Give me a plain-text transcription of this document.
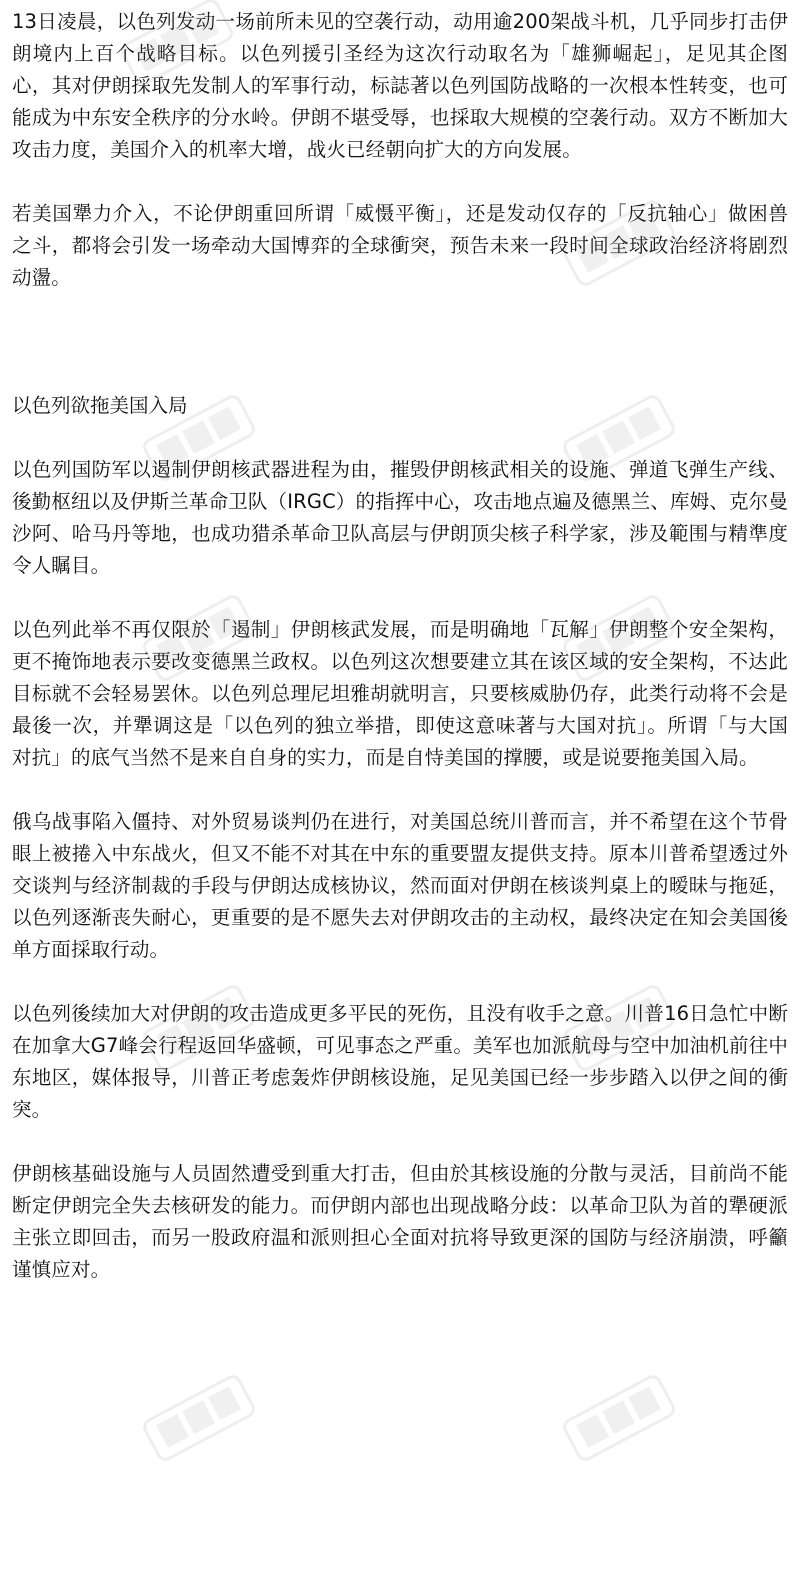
13日凌晨，以色列发动一场前所未见的空袭行动，动用逾200架战斗机，几乎同步打击伊朗境内上百个战略目标。以色列援引圣经为这次行动取名为「雄狮崛起」，足见其企图心，其对伊朗採取先发制人的军事行动，标誌著以色列国防战略的一次根本性转变，也可能成为中东安全秩序的分水岭。伊朗不堪受辱，也採取大规模的空袭行动。双方不断加大攻击力度，美国介入的机率大增，战火已经朝向扩大的方向发展。

若美国犟力介入，不论伊朗重回所谓「威慑平衡」，还是发动仅存的「反抗轴心」做困兽之斗，都将会引发一场牵动大国博弈的全球衝突，预告未来一段时间全球政治经济将剧烈动盪。

以色列欲拖美国入局

以色列国防军以遏制伊朗核武器进程为由，摧毁伊朗核武相关的设施、弹道飞弹生产线、後勤枢纽以及伊斯兰革命卫队（IRGC）的指挥中心，攻击地点遍及德黑兰、库姆、克尔曼沙阿、哈马丹等地，也成功猎杀革命卫队高层与伊朗顶尖核子科学家，涉及範围与精準度令人瞩目。

以色列此举不再仅限於「遏制」伊朗核武发展，而是明确地「瓦解」伊朗整个安全架构，更不掩饰地表示要改变德黑兰政权。以色列这次想要建立其在该区域的安全架构，不达此目标就不会轻易罢休。以色列总理尼坦雅胡就明言，只要核威胁仍存，此类行动将不会是最後一次，并犟调这是「以色列的独立举措，即使这意味著与大国对抗」。所谓「与大国对抗」的底气当然不是来自自身的实力，而是自恃美国的撑腰，或是说要拖美国入局。

俄乌战事陷入僵持、对外贸易谈判仍在进行，对美国总统川普而言，并不希望在这个节骨眼上被捲入中东战火，但又不能不对其在中东的重要盟友提供支持。原本川普希望透过外交谈判与经济制裁的手段与伊朗达成核协议，然而面对伊朗在核谈判桌上的暧昧与拖延，以色列逐渐丧失耐心，更重要的是不愿失去对伊朗攻击的主动权，最终决定在知会美国後单方面採取行动。

以色列後续加大对伊朗的攻击造成更多平民的死伤，且没有收手之意。川普16日急忙中断在加拿大G7峰会行程返回华盛顿，可见事态之严重。美军也加派航母与空中加油机前往中东地区，媒体报导，川普正考虑轰炸伊朗核设施，足见美国已经一步步踏入以伊之间的衝突。

伊朗核基础设施与人员固然遭受到重大打击，但由於其核设施的分散与灵活，目前尚不能断定伊朗完全失去核研发的能力。而伊朗内部也出现战略分歧：以革命卫队为首的犟硬派主张立即回击，而另一股政府温和派则担心全面对抗将导致更深的国防与经济崩溃，呼籲谨慎应对。
